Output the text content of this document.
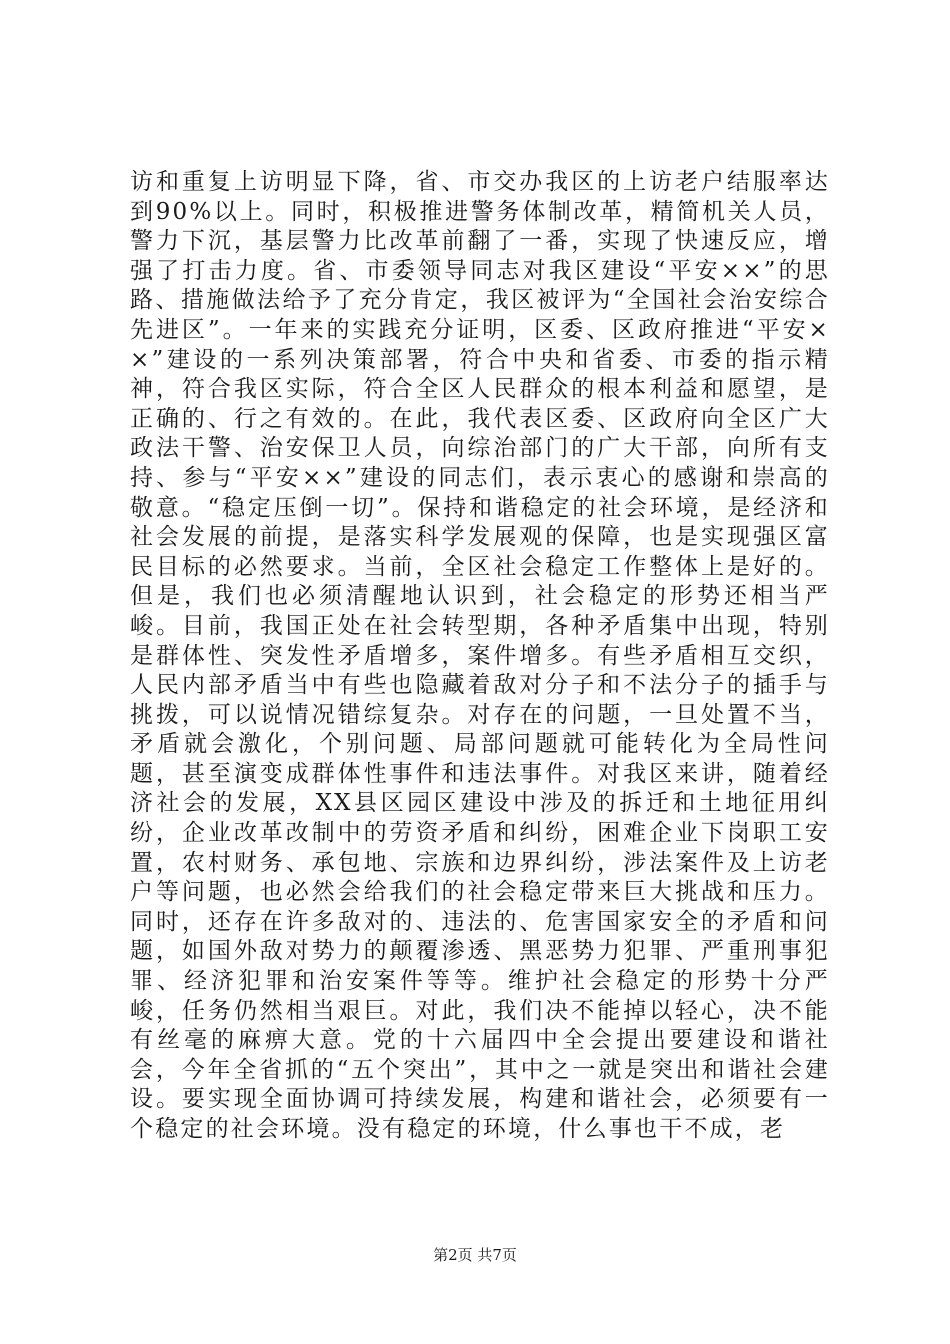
访和重复上访明显下降，省、市交办我区的上访老户结服率达到90%以上。同时，积极推进警务体制改革，精简机关人员，警力下沉，基层警力比改革前翻了一番，实现了快速反应，增强了打击力度。省、市委领导同志对我区建设“平安××”的思路、措施做法给予了充分肯定，我区被评为“全国社会治安综合先进区”。一年来的实践充分证明，区委、区政府推进“平安××”建设的一系列决策部署，符合中央和省委、市委的指示精神，符合我区实际，符合全区人民群众的根本利益和愿望，是正确的、行之有效的。在此，我代表区委、区政府向全区广大政法干警、治安保卫人员，向综治部门的广大干部，向所有支持、参与“平安××”建设的同志们，表示衷心的感谢和崇高的敬意。“稳定压倒一切”。保持和谐稳定的社会环境，是经济和社会发展的前提，是落实科学发展观的保障，也是实现强区富民目标的必然要求。当前，全区社会稳定工作整体上是好的。但是，我们也必须清醒地认识到，社会稳定的形势还相当严峻。目前，我国正处在社会转型期，各种矛盾集中出现，特别是群体性、突发性矛盾增多，案件增多。有些矛盾相互交织，人民内部矛盾当中有些也隐藏着敌对分子和不法分子的插手与挑拨，可以说情况错综复杂。对存在的问题，一旦处置不当，矛盾就会激化，个别问题、局部问题就可能转化为全局性问题，甚至演变成群体性事件和违法事件。对我区来讲，随着经济社会的发展，XX县区园区建设中涉及的拆迁和土地征用纠纷，企业改革改制中的劳资矛盾和纠纷，困难企业下岗职工安置，农村财务、承包地、宗族和边界纠纷，涉法案件及上访老户等问题，也必然会给我们的社会稳定带来巨大挑战和压力。同时，还存在许多敌对的、违法的、危害国家安全的矛盾和问题，如国外敌对势力的颠覆渗透、黑恶势力犯罪、严重刑事犯罪、经济犯罪和治安案件等等。维护社会稳定的形势十分严峻，任务仍然相当艰巨。对此，我们决不能掉以轻心，决不能有丝毫的麻痹大意。党的十六届四中全会提出要建设和谐社会，今年全省抓的“五个突出”，其中之一就是突出和谐社会建设。要实现全面协调可持续发展，构建和谐社会，必须要有一个稳定的社会环境。没有稳定的环境，什么事也干不成，老

第2页 共7页
